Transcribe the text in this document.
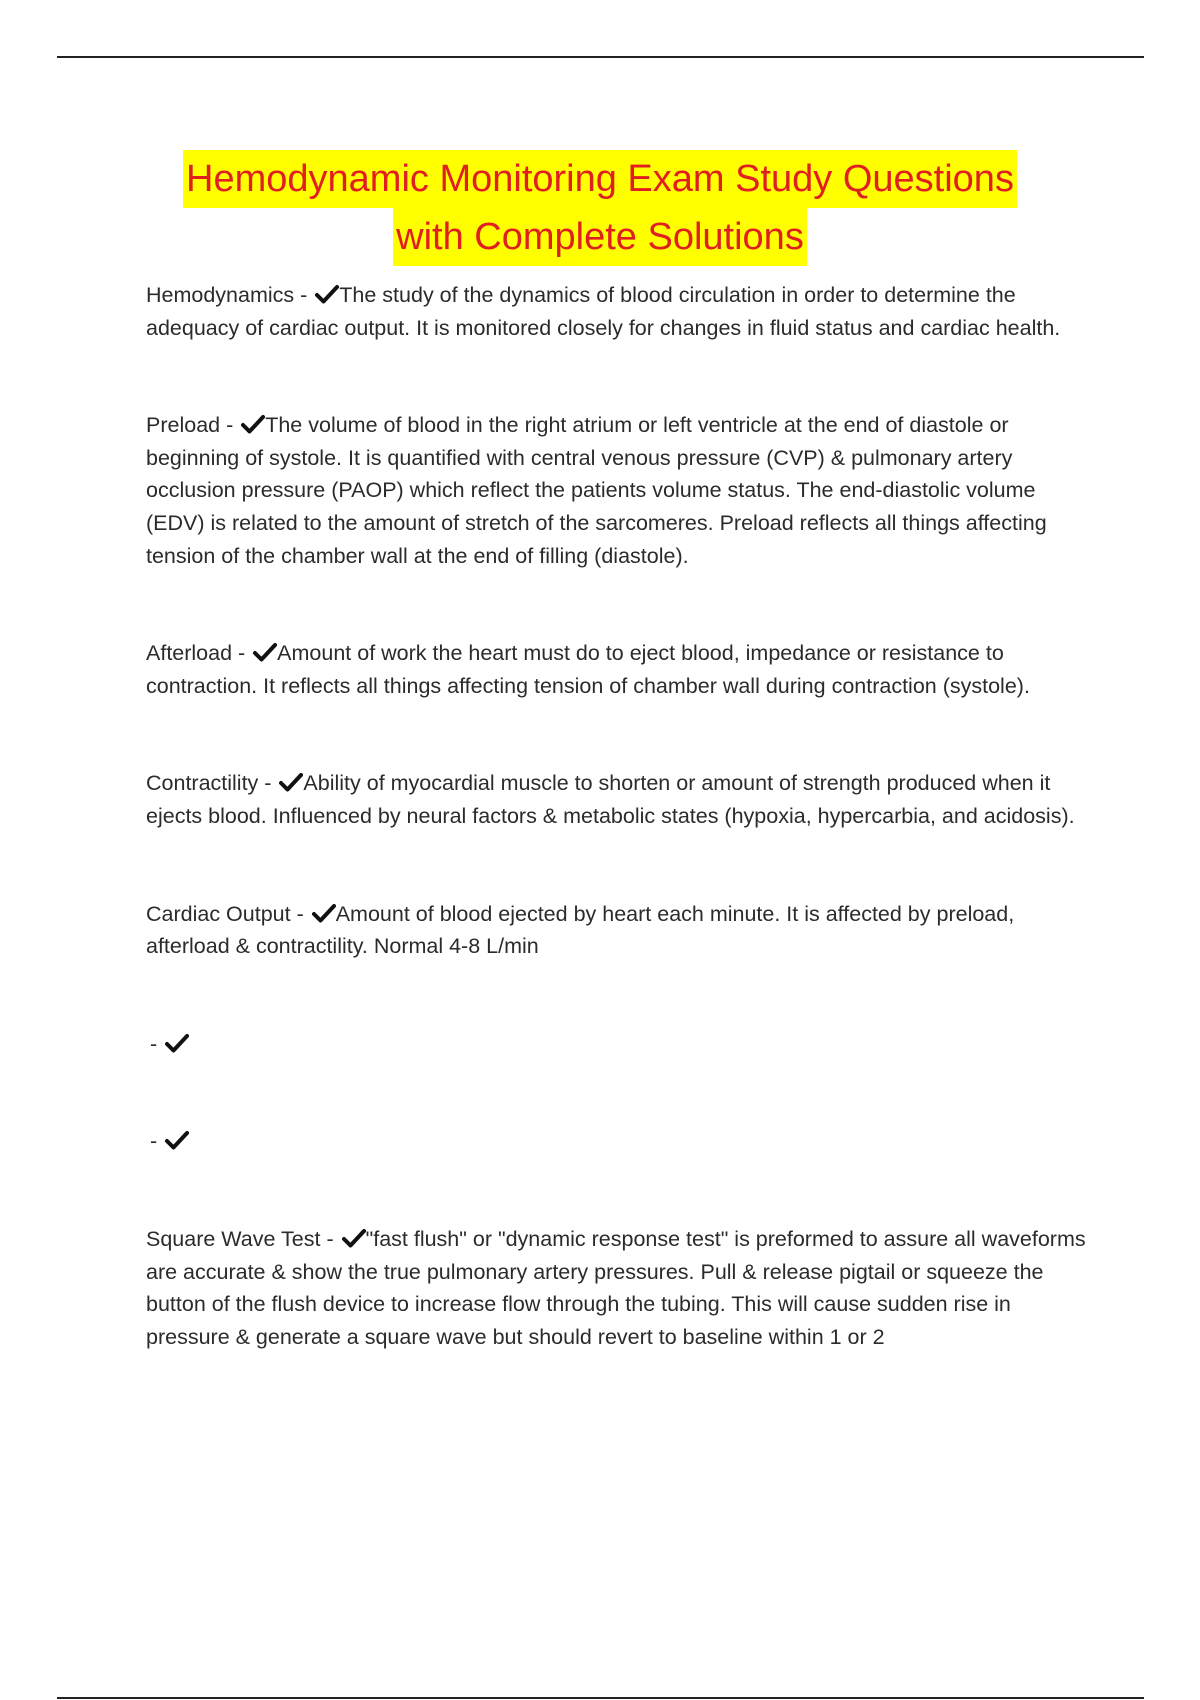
Hemodynamic Monitoring Exam Study Questions
with Complete Solutions
Hemodynamics -
The study of the dynamics of blood circulation in order to determine the adequacy of cardiac output. It is monitored closely for changes in fluid status and cardiac health.
Preload -
The volume of blood in the right atrium or left ventricle at the end of diastole or beginning of systole. It is quantified with central venous pressure (CVP) & pulmonary artery occlusion pressure (PAOP) which reflect the patients volume status. The end-diastolic volume (EDV) is related to the amount of stretch of the sarcomeres. Preload reflects all things affecting tension of the chamber wall at the end of filling (diastole).
Afterload -
Amount of work the heart must do to eject blood, impedance or resistance to contraction. It reflects all things affecting tension of chamber wall during contraction (systole).
Contractility -
Ability of myocardial muscle to shorten or amount of strength produced when it ejects blood. Influenced by neural factors & metabolic states (hypoxia, hypercarbia, and acidosis).
Cardiac Output -
Amount of blood ejected by heart each minute. It is affected by preload, afterload & contractility. Normal 4-8 L/min
-
-
Square Wave Test -
"fast flush" or "dynamic response test" is preformed to assure all waveforms are accurate & show the true pulmonary artery pressures. Pull & release pigtail or squeeze the button of the flush device to increase flow through the tubing. This will cause sudden rise in pressure & generate a square wave but should revert to baseline within 1 or 2
